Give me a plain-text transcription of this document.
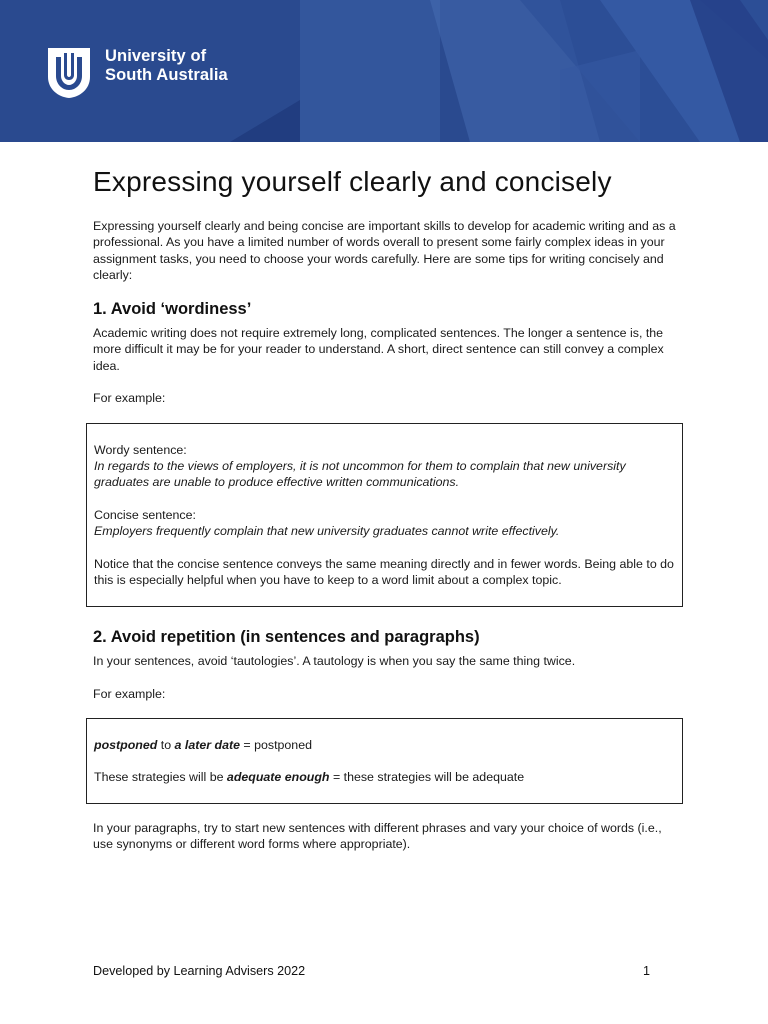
University of
South Australia
Expressing yourself clearly and concisely

Expressing yourself clearly and being concise are important skills to develop for academic writing and as a professional. As you have a limited number of words overall to present some fairly complex ideas in your assignment tasks, you need to choose your words carefully. Here are some tips for writing concisely and clearly:

1. Avoid ‘wordiness’

Academic writing does not require extremely long, complicated sentences. The longer a sentence is, the more difficult it may be for your reader to understand. A short, direct sentence can still convey a complex idea.

For example:

Wordy sentence:
In regards to the views of employers, it is not uncommon for them to complain that new university graduates are unable to produce effective written communications.
Concise sentence:
Employers frequently complain that new university graduates cannot write effectively.
Notice that the concise sentence conveys the same meaning directly and in fewer words. Being able to do this is especially helpful when you have to keep to a word limit about a complex topic.
2. Avoid repetition (in sentences and paragraphs)

In your sentences, avoid ‘tautologies’. A tautology is when you say the same thing twice.

For example:

postponed to a later date = postponed
These strategies will be adequate enough = these strategies will be adequate

In your paragraphs, try to start new sentences with different phrases and vary your choice of words (i.e., use synonyms or different word forms where appropriate).

Developed by Learning Advisers 2022	1
